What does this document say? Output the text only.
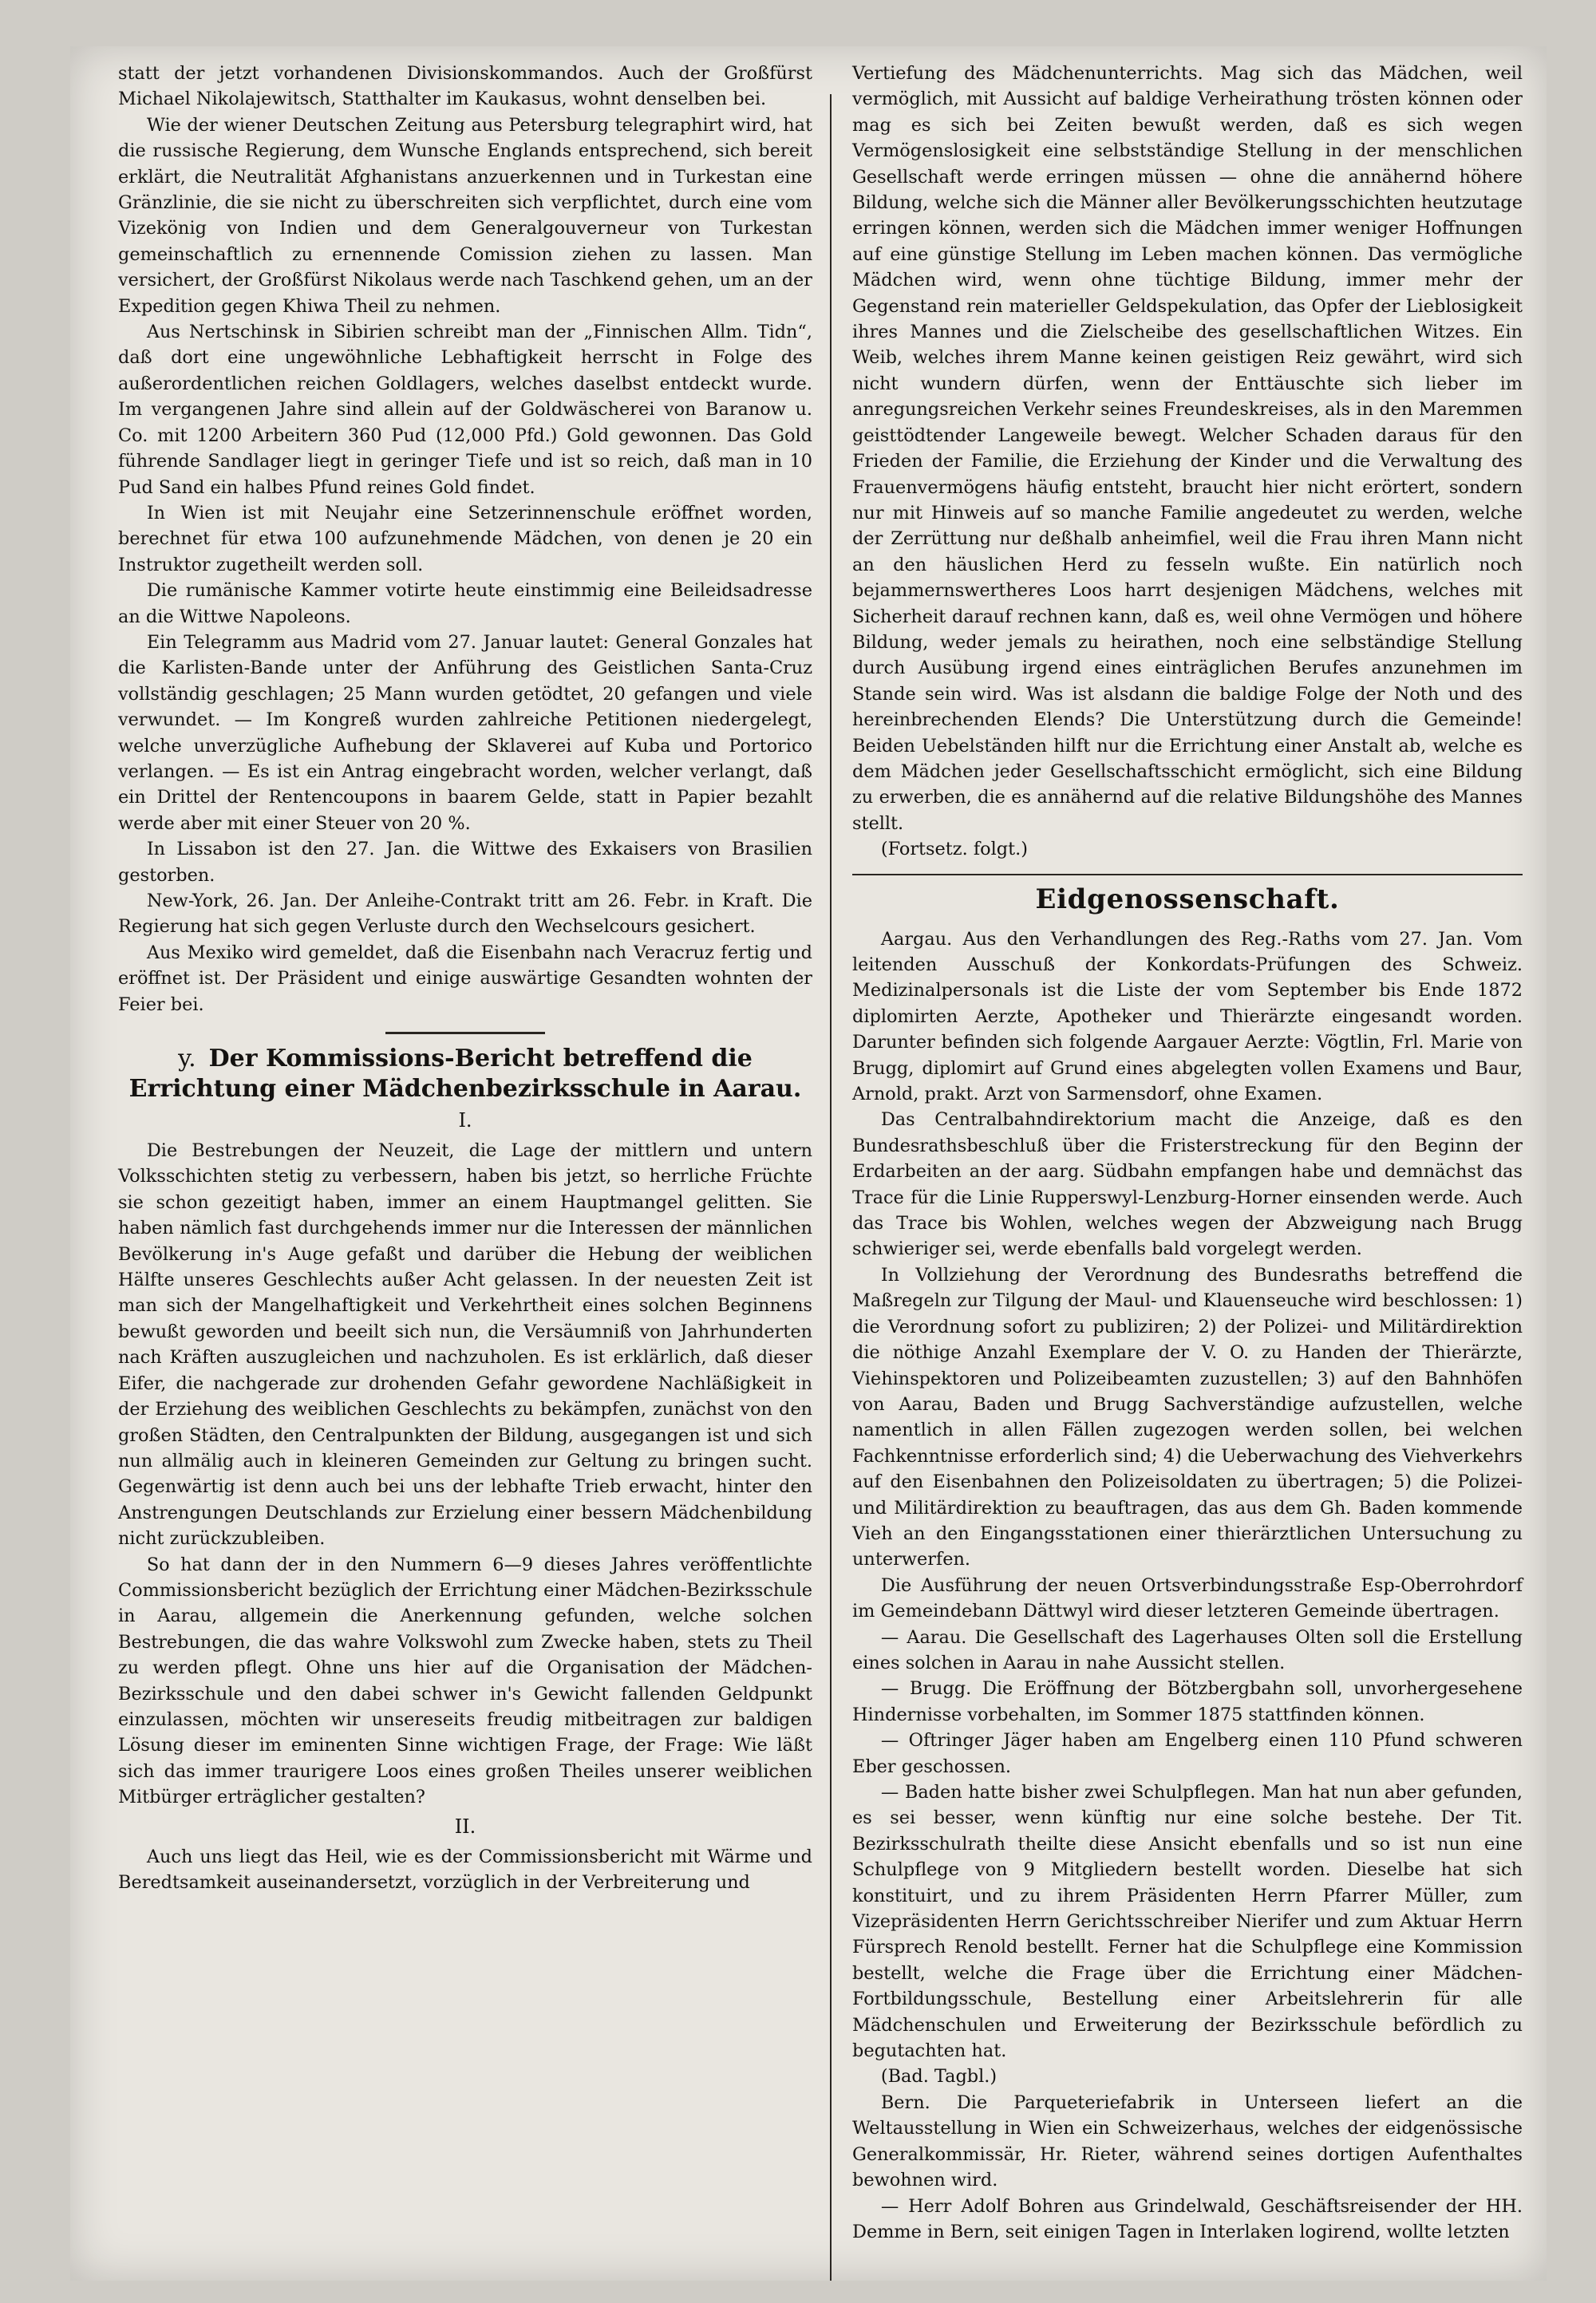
statt der jetzt vorhandenen Divisionskommandos. Auch der Großfürst Michael Nikolajewitsch, Statthalter im Kaukasus, wohnt denselben bei.

Wie der wiener Deutschen Zeitung aus Petersburg telegraphirt wird, hat die russische Regierung, dem Wunsche Englands entsprechend, sich bereit erklärt, die Neutralität Afghanistans anzuerkennen und in Turkestan eine Gränzlinie, die sie nicht zu überschreiten sich verpflichtet, durch eine vom Vizekönig von Indien und dem Generalgouverneur von Turkestan gemeinschaftlich zu ernennende Comission ziehen zu lassen. Man versichert, der Großfürst Nikolaus werde nach Taschkend gehen, um an der Expedition gegen Khiwa Theil zu nehmen.

Aus Nertschinsk in Sibirien schreibt man der „Finnischen Allm. Tidn“, daß dort eine ungewöhnliche Lebhaftigkeit herrscht in Folge des außerordentlichen reichen Goldlagers, welches daselbst entdeckt wurde. Im vergangenen Jahre sind allein auf der Goldwäscherei von Baranow u. Co. mit 1200 Arbeitern 360 Pud (12,000 Pfd.) Gold gewonnen. Das Gold führende Sandlager liegt in geringer Tiefe und ist so reich, daß man in 10 Pud Sand ein halbes Pfund reines Gold findet.

In Wien ist mit Neujahr eine Setzerinnenschule eröffnet worden, berechnet für etwa 100 aufzunehmende Mädchen, von denen je 20 ein Instruktor zugetheilt werden soll.

Die rumänische Kammer votirte heute einstimmig eine Beileidsadresse an die Wittwe Napoleons.

Ein Telegramm aus Madrid vom 27. Januar lautet: General Gonzales hat die Karlisten-Bande unter der Anführung des Geistlichen Santa-Cruz vollständig geschlagen; 25 Mann wurden getödtet, 20 gefangen und viele verwundet. — Im Kongreß wurden zahlreiche Petitionen niedergelegt, welche unverzügliche Aufhebung der Sklaverei auf Kuba und Portorico verlangen. — Es ist ein Antrag eingebracht worden, welcher verlangt, daß ein Drittel der Rentencoupons in baarem Gelde, statt in Papier bezahlt werde aber mit einer Steuer von 20 %.

In Lissabon ist den 27. Jan. die Wittwe des Exkaisers von Brasilien gestorben.

New-York, 26. Jan. Der Anleihe-Contrakt tritt am 26. Febr. in Kraft. Die Regierung hat sich gegen Verluste durch den Wechselcours gesichert.

Aus Mexiko wird gemeldet, daß die Eisenbahn nach Veracruz fertig und eröffnet ist. Der Präsident und einige auswärtige Gesandten wohnten der Feier bei.

y. Der Kommissions-Bericht betreffend die Errichtung einer Mädchenbezirksschule in Aarau.
I.

Die Bestrebungen der Neuzeit, die Lage der mittlern und untern Volksschichten stetig zu verbessern, haben bis jetzt, so herrliche Früchte sie schon gezeitigt haben, immer an einem Hauptmangel gelitten. Sie haben nämlich fast durchgehends immer nur die Interessen der männlichen Bevölkerung in's Auge gefaßt und darüber die Hebung der weiblichen Hälfte unseres Geschlechts außer Acht gelassen. In der neuesten Zeit ist man sich der Mangelhaftigkeit und Verkehrtheit eines solchen Beginnens bewußt geworden und beeilt sich nun, die Versäumniß von Jahrhunderten nach Kräften auszugleichen und nachzuholen. Es ist erklärlich, daß dieser Eifer, die nachgerade zur drohenden Gefahr gewordene Nachläßigkeit in der Erziehung des weiblichen Geschlechts zu bekämpfen, zunächst von den großen Städten, den Centralpunkten der Bildung, ausgegangen ist und sich nun allmälig auch in kleineren Gemeinden zur Geltung zu bringen sucht. Gegenwärtig ist denn auch bei uns der lebhafte Trieb erwacht, hinter den Anstrengungen Deutschlands zur Erzielung einer bessern Mädchenbildung nicht zurückzubleiben.

So hat dann der in den Nummern 6—9 dieses Jahres veröffentlichte Commissionsbericht bezüglich der Errichtung einer Mädchen-Bezirksschule in Aarau, allgemein die Anerkennung gefunden, welche solchen Bestrebungen, die das wahre Volkswohl zum Zwecke haben, stets zu Theil zu werden pflegt. Ohne uns hier auf die Organisation der Mädchen-Bezirksschule und den dabei schwer in's Gewicht fallenden Geldpunkt einzulassen, möchten wir unsereseits freudig mitbeitragen zur baldigen Lösung dieser im eminenten Sinne wichtigen Frage, der Frage: Wie läßt sich das immer traurigere Loos eines großen Theiles unserer weiblichen Mitbürger erträglicher gestalten?

II.

Auch uns liegt das Heil, wie es der Commissionsbericht mit Wärme und Beredtsamkeit auseinandersetzt, vorzüglich in der Verbreiterung und

Vertiefung des Mädchenunterrichts. Mag sich das Mädchen, weil vermöglich, mit Aussicht auf baldige Verheirathung trösten können oder mag es sich bei Zeiten bewußt werden, daß es sich wegen Vermögenslosigkeit eine selbstständige Stellung in der menschlichen Gesellschaft werde erringen müssen — ohne die annähernd höhere Bildung, welche sich die Männer aller Bevölkerungsschichten heutzutage erringen können, werden sich die Mädchen immer weniger Hoffnungen auf eine günstige Stellung im Leben machen können. Das vermögliche Mädchen wird, wenn ohne tüchtige Bildung, immer mehr der Gegenstand rein materieller Geldspekulation, das Opfer der Lieblosigkeit ihres Mannes und die Zielscheibe des gesellschaftlichen Witzes. Ein Weib, welches ihrem Manne keinen geistigen Reiz gewährt, wird sich nicht wundern dürfen, wenn der Enttäuschte sich lieber im anregungsreichen Verkehr seines Freundeskreises, als in den Maremmen geisttödtender Langeweile bewegt. Welcher Schaden daraus für den Frieden der Familie, die Erziehung der Kinder und die Verwaltung des Frauenvermögens häufig entsteht, braucht hier nicht erörtert, sondern nur mit Hinweis auf so manche Familie angedeutet zu werden, welche der Zerrüttung nur deßhalb anheimfiel, weil die Frau ihren Mann nicht an den häuslichen Herd zu fesseln wußte. Ein natürlich noch bejammernswertheres Loos harrt desjenigen Mädchens, welches mit Sicherheit darauf rechnen kann, daß es, weil ohne Vermögen und höhere Bildung, weder jemals zu heirathen, noch eine selbständige Stellung durch Ausübung irgend eines einträglichen Berufes anzunehmen im Stande sein wird. Was ist alsdann die baldige Folge der Noth und des hereinbrechenden Elends? Die Unterstützung durch die Gemeinde! Beiden Uebelständen hilft nur die Errichtung einer Anstalt ab, welche es dem Mädchen jeder Gesellschaftsschicht ermöglicht, sich eine Bildung zu erwerben, die es annähernd auf die relative Bildungshöhe des Mannes stellt.

(Fortsetz. folgt.)

Eidgenossenschaft.

Aargau. Aus den Verhandlungen des Reg.-Raths vom 27. Jan. Vom leitenden Ausschuß der Konkordats-Prüfungen des Schweiz. Medizinalpersonals ist die Liste der vom September bis Ende 1872 diplomirten Aerzte, Apotheker und Thierärzte eingesandt worden. Darunter befinden sich folgende Aargauer Aerzte: Vögtlin, Frl. Marie von Brugg, diplomirt auf Grund eines abgelegten vollen Examens und Baur, Arnold, prakt. Arzt von Sarmensdorf, ohne Examen.

Das Centralbahndirektorium macht die Anzeige, daß es den Bundesrathsbeschluß über die Fristerstreckung für den Beginn der Erdarbeiten an der aarg. Südbahn empfangen habe und demnächst das Trace für die Linie Rupperswyl-Lenzburg-Horner einsenden werde. Auch das Trace bis Wohlen, welches wegen der Abzweigung nach Brugg schwieriger sei, werde ebenfalls bald vorgelegt werden.

In Vollziehung der Verordnung des Bundesraths betreffend die Maßregeln zur Tilgung der Maul- und Klauenseuche wird beschlossen: 1) die Verordnung sofort zu publiziren; 2) der Polizei- und Militärdirektion die nöthige Anzahl Exemplare der V. O. zu Handen der Thierärzte, Viehinspektoren und Polizeibeamten zuzustellen; 3) auf den Bahnhöfen von Aarau, Baden und Brugg Sachverständige aufzustellen, welche namentlich in allen Fällen zugezogen werden sollen, bei welchen Fachkenntnisse erforderlich sind; 4) die Ueberwachung des Viehverkehrs auf den Eisenbahnen den Polizeisoldaten zu übertragen; 5) die Polizei- und Militärdirektion zu beauftragen, das aus dem Gh. Baden kommende Vieh an den Eingangsstationen einer thierärztlichen Untersuchung zu unterwerfen.

Die Ausführung der neuen Ortsverbindungsstraße Esp-Oberrohrdorf im Gemeindebann Dättwyl wird dieser letzteren Gemeinde übertragen.

— Aarau. Die Gesellschaft des Lagerhauses Olten soll die Erstellung eines solchen in Aarau in nahe Aussicht stellen.

— Brugg. Die Eröffnung der Bötzbergbahn soll, unvorhergesehene Hindernisse vorbehalten, im Sommer 1875 stattfinden können.

— Oftringer Jäger haben am Engelberg einen 110 Pfund schweren Eber geschossen.

— Baden hatte bisher zwei Schulpflegen. Man hat nun aber gefunden, es sei besser, wenn künftig nur eine solche bestehe. Der Tit. Bezirksschulrath theilte diese Ansicht ebenfalls und so ist nun eine Schulpflege von 9 Mitgliedern bestellt worden. Dieselbe hat sich konstituirt, und zu ihrem Präsidenten Herrn Pfarrer Müller, zum Vizepräsidenten Herrn Gerichtsschreiber Nierifer und zum Aktuar Herrn Fürsprech Renold bestellt. Ferner hat die Schulpflege eine Kommission bestellt, welche die Frage über die Errichtung einer Mädchen-Fortbildungsschule, Bestellung einer Arbeitslehrerin für alle Mädchenschulen und Erweiterung der Bezirksschule befördlich zu begutachten hat.

(Bad. Tagbl.)

Bern. Die Parqueteriefabrik in Unterseen liefert an die Weltausstellung in Wien ein Schweizerhaus, welches der eidgenössische Generalkommissär, Hr. Rieter, während seines dortigen Aufenthaltes bewohnen wird.

— Herr Adolf Bohren aus Grindelwald, Geschäftsreisender der HH. Demme in Bern, seit einigen Tagen in Interlaken logirend, wollte letzten
